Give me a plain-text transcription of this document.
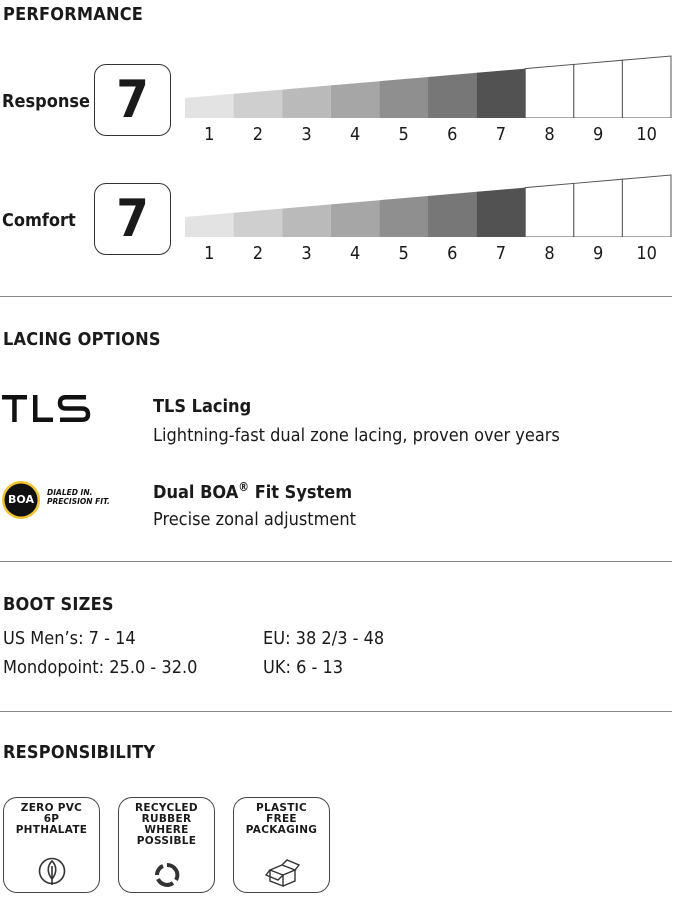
PERFORMANCE
Response 7
1	2	3	4	5	6	7	8	9	10
Comfort 7
1	2	3	4	5	6	7	8	9	10
LACING OPTIONS
TLS Lacing
Lightning-fast dual zone lacing, proven over years
BOA
DIALED IN. PRECISION FIT. Dual BOA® Fit System
Precise zonal adjustment
BOOT SIZES
US Men’s: 7 - 14	EU: 38 2/3 - 48
Mondopoint: 25.0 - 32.0	UK: 6 - 13
RESPONSIBILITY
ZERO PVC
6P
PHTHALATE
RECYCLED
RUBBER
WHERE
POSSIBLE
PLASTIC
FREE
PACKAGING
